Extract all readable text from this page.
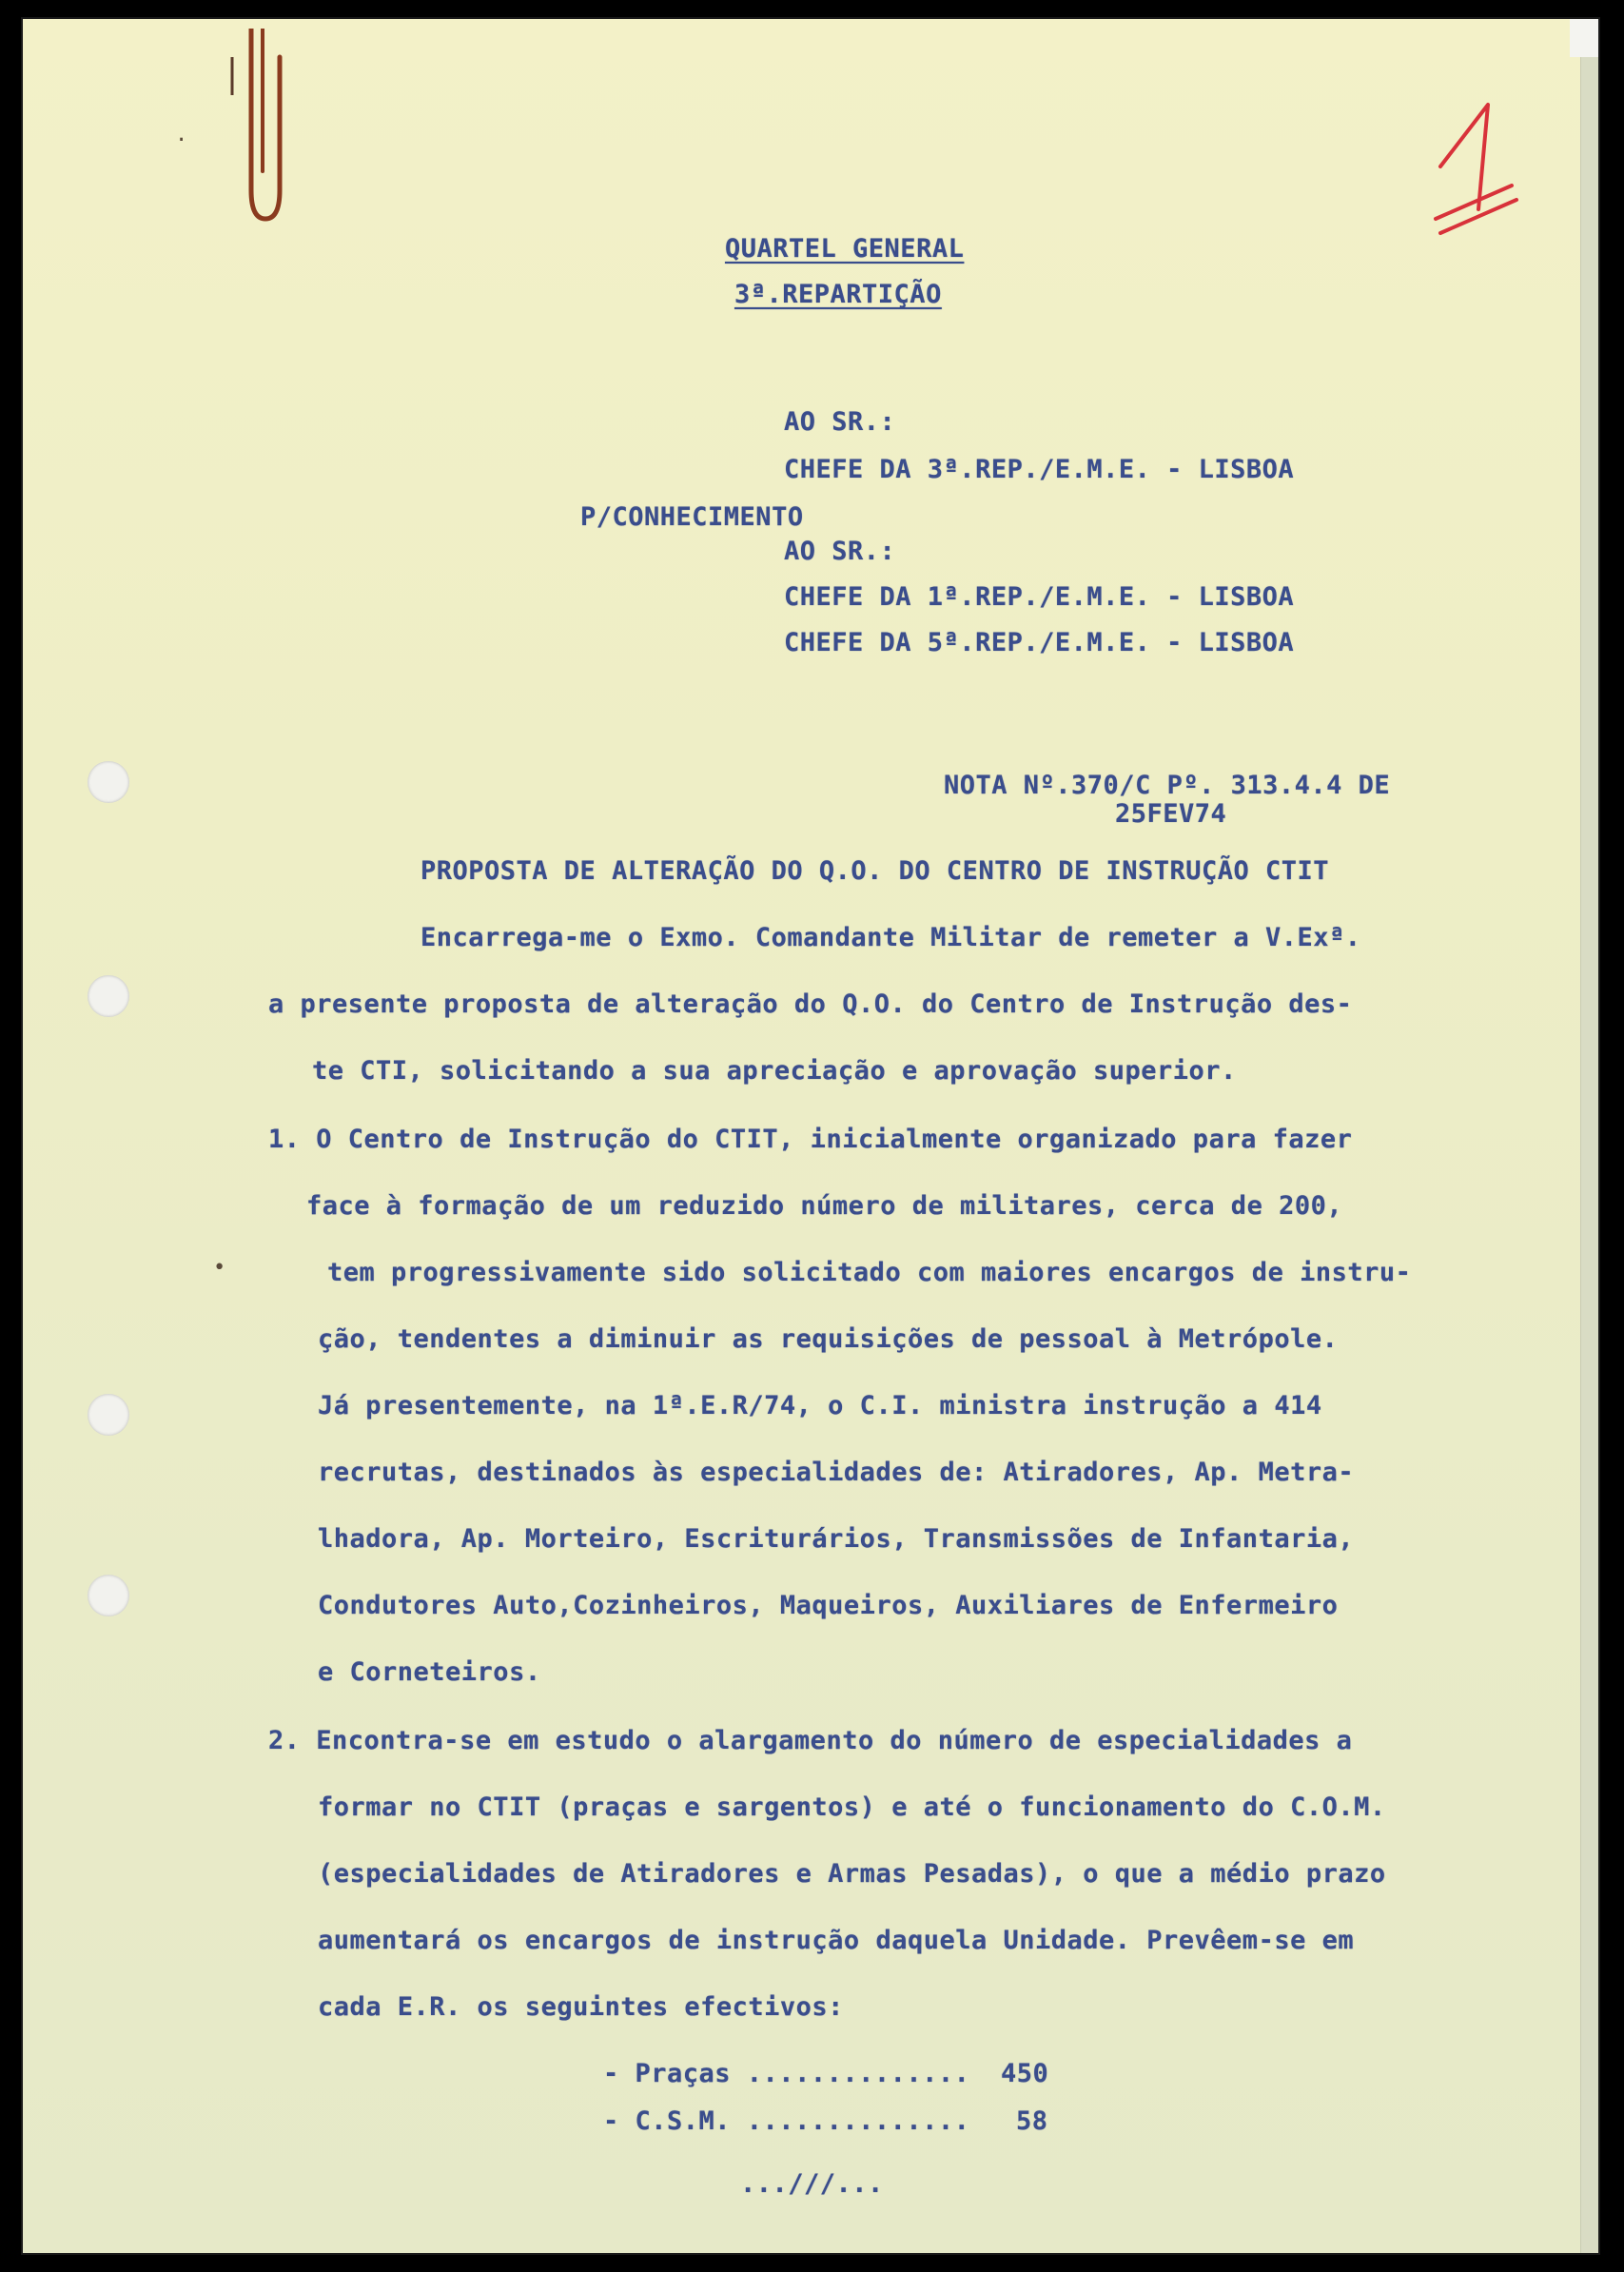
QUARTEL GENERAL
3ª.REPARTIÇÃO
AO SR.:
CHEFE DA 3ª.REP./E.M.E. - LISBOA
P/CONHECIMENTO
AO SR.:
CHEFE DA 1ª.REP./E.M.E. - LISBOA
CHEFE DA 5ª.REP./E.M.E. - LISBOA
NOTA Nº.370/C Pº. 313.4.4 DE
25FEV74
PROPOSTA DE ALTERAÇÃO DO Q.O. DO CENTRO DE INSTRUÇÃO CTIT
Encarrega-me o Exmo. Comandante Militar de remeter a V.Exª.
a presente proposta de alteração do Q.O. do Centro de Instrução des-
te CTI, solicitando a sua apreciação e aprovação superior.
1. O Centro de Instrução do CTIT, inicialmente organizado para fazer
face à formação de um reduzido número de militares, cerca de 200,
tem progressivamente sido solicitado com maiores encargos de instru-
ção, tendentes a diminuir as requisições de pessoal à Metrópole.
Já presentemente, na 1ª.E.R/74, o C.I. ministra instrução a 414
recrutas, destinados às especialidades de: Atiradores, Ap. Metra-
lhadora, Ap. Morteiro, Escriturários, Transmissões de Infantaria,
Condutores Auto,Cozinheiros, Maqueiros, Auxiliares de Enfermeiro
e Corneteiros.
2. Encontra-se em estudo o alargamento do número de especialidades a
formar no CTIT (praças e sargentos) e até o funcionamento do C.O.M.
(especialidades de Atiradores e Armas Pesadas), o que a médio prazo
aumentará os encargos de instrução daquela Unidade. Prevêem-se em
cada E.R. os seguintes efectivos:
- Praças .............. 450
- C.S.M. .............. 58
...///...
•
·
